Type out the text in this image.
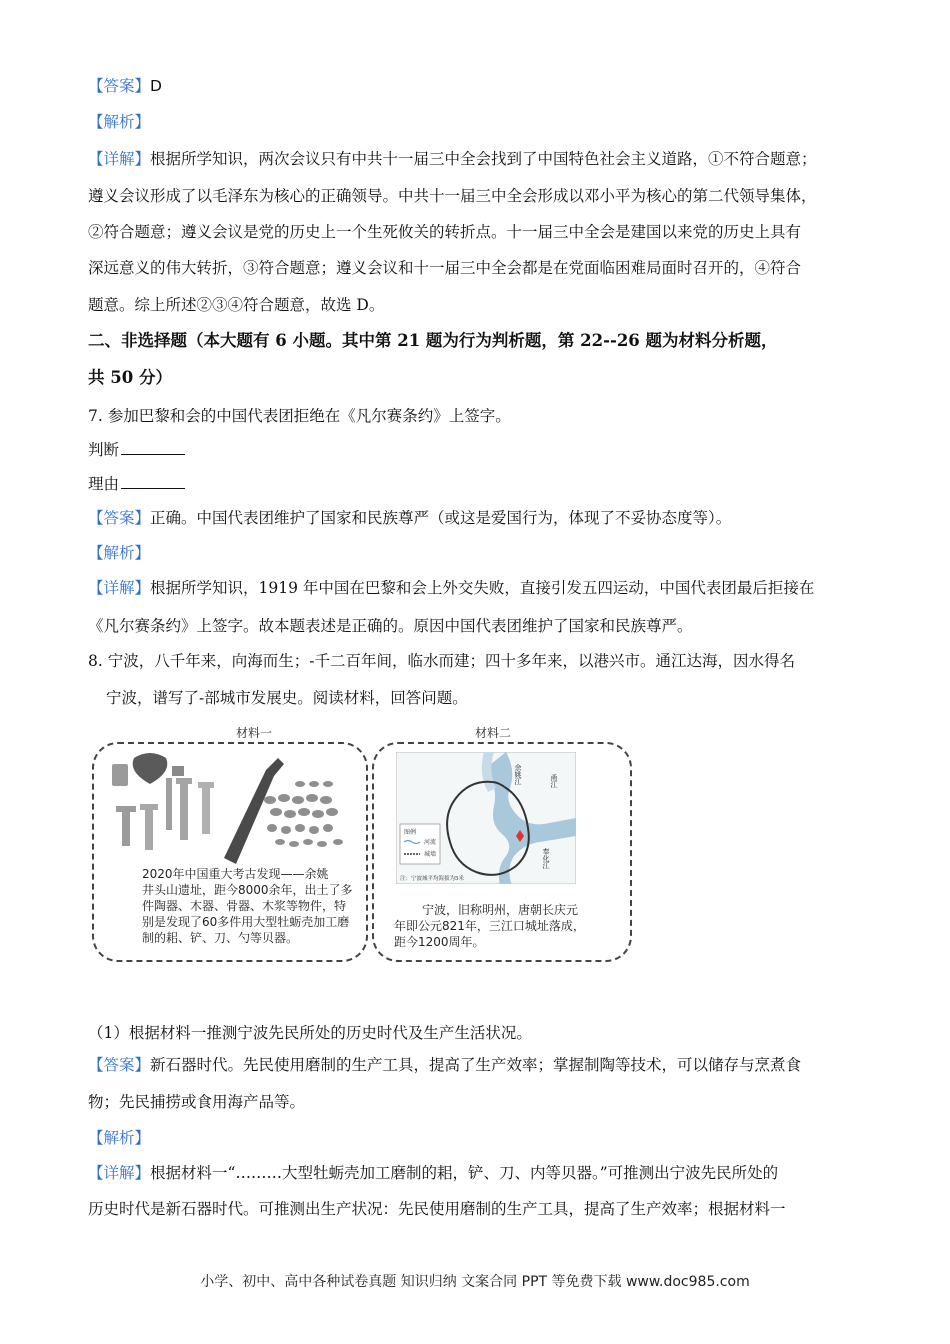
【答案】D
【解析】
【详解】根据所学知识，两次会议只有中共十一届三中全会找到了中国特色社会主义道路，①不符合题意；
遵义会议形成了以毛泽东为核心的正确领导。中共十一届三中全会形成以邓小平为核心的第二代领导集体，
②符合题意；遵义会议是党的历史上一个生死攸关的转折点。十一届三中全会是建国以来党的历史上具有
深远意义的伟大转折，③符合题意；遵义会议和十一届三中全会都是在党面临困难局面时召开的，④符合
题意。综上所述②③④符合题意，故选 D。
二、非选择题（本大题有 6 小题。其中第 21 题为行为判析题，第 22--26 题为材料分析题，
共 50 分）
7. 参加巴黎和会的中国代表团拒绝在《凡尔赛条约》上签字。
判断
理由
【答案】正确。中国代表团维护了国家和民族尊严（或这是爱国行为，体现了不妥协态度等）。
【解析】
【详解】根据所学知识，1919 年中国在巴黎和会上外交失败，直接引发五四运动，中国代表团最后拒接在
《凡尔赛条约》上签字。故本题表述是正确的。原因中国代表团维护了国家和民族尊严。
8. 宁波，八千年来，向海而生；-千二百年间，临水而建；四十多年来，以港兴市。通江达海，因水得名
宁波，谱写了-部城市发展史。阅读材料，回答问题。
材料一
2020年中国重大考古发现——余姚
井头山遗址，距今8000余年，出土了多
件陶器、木器、骨器、木浆等物件，特
别是发现了60多件用大型牡蛎壳加工磨
制的耜、铲、刀、勺等贝器。
材料二
图例
河流
城墙
注：宁波城平均海拔为5米
余姚江	甬江
奉化江
宁波，旧称明州，唐朝长庆元
年即公元821年，三江口城址落成，
距今1200周年。
（1）根据材料一推测宁波先民所处的历史时代及生产生活状况。
【答案】新石器时代。先民使用磨制的生产工具，提高了生产效率；掌握制陶等技术，可以储存与烹煮食
物；先民捕捞或食用海产品等。
【解析】
【详解】根据材料一“………大型牡蛎壳加工磨制的耜，铲、刀、内等贝器。”可推测出宁波先民所处的
历史时代是新石器时代。可推测出生产状况：先民使用磨制的生产工具，提高了生产效率；根据材料一
小学、初中、高中各种试卷真题 知识归纳 文案合同 PPT 等免费下载 www.doc985.com
